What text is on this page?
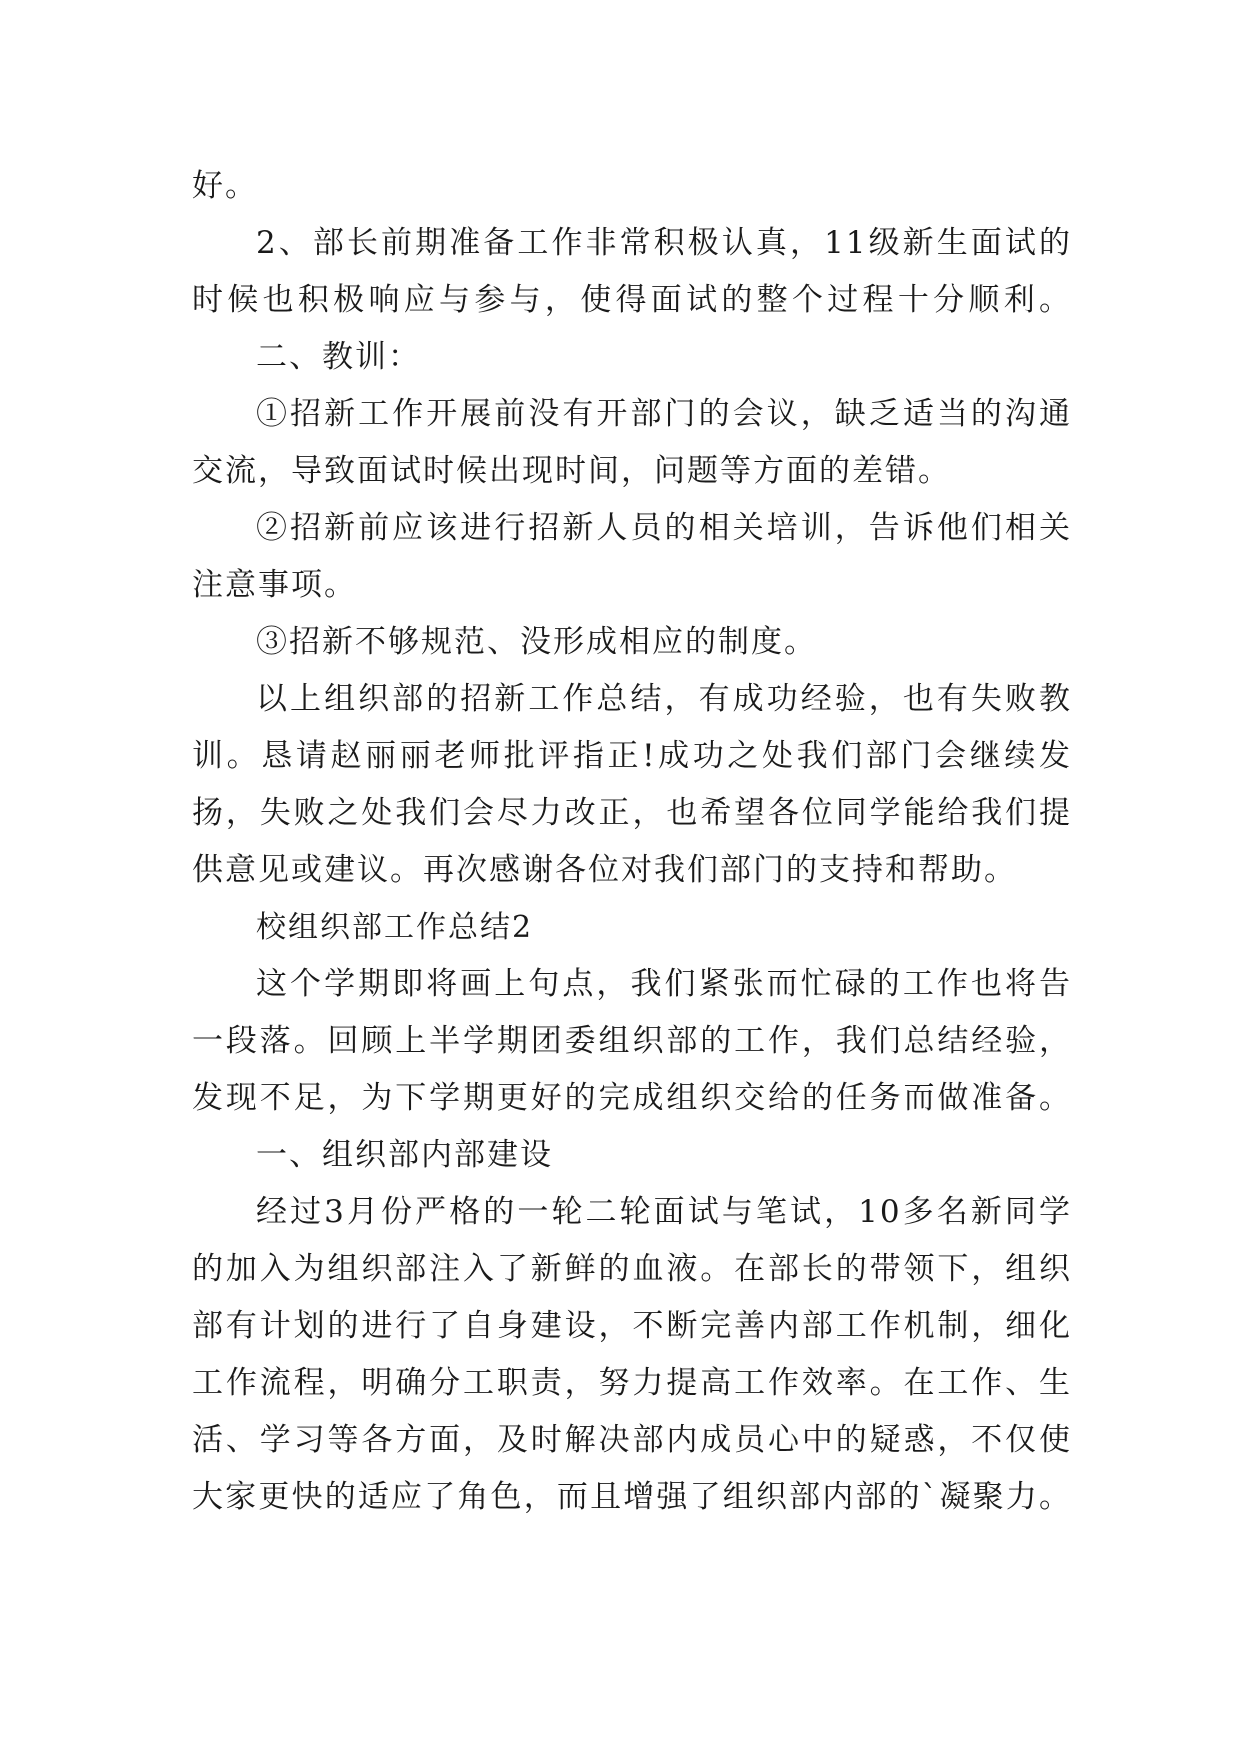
好。
2、部长前期准备工作非常积极认真，11级新生面试的
时候也积极响应与参与，使得面试的整个过程十分顺利。
二、教训：
①招新工作开展前没有开部门的会议，缺乏适当的沟通
交流，导致面试时候出现时间，问题等方面的差错。
②招新前应该进行招新人员的相关培训，告诉他们相关
注意事项。
③招新不够规范、没形成相应的制度。
以上组织部的招新工作总结，有成功经验，也有失败教
训。恳请赵丽丽老师批评指正!成功之处我们部门会继续发
扬，失败之处我们会尽力改正，也希望各位同学能给我们提
供意见或建议。再次感谢各位对我们部门的支持和帮助。
校组织部工作总结2
这个学期即将画上句点，我们紧张而忙碌的工作也将告
一段落。回顾上半学期团委组织部的工作，我们总结经验，
发现不足，为下学期更好的完成组织交给的任务而做准备。
一、组织部内部建设
经过3月份严格的一轮二轮面试与笔试，10多名新同学
的加入为组织部注入了新鲜的血液。在部长的带领下，组织
部有计划的进行了自身建设，不断完善内部工作机制，细化
工作流程，明确分工职责，努力提高工作效率。在工作、生
活、学习等各方面，及时解决部内成员心中的疑惑，不仅使
大家更快的适应了角色，而且增强了组织部内部的`凝聚力。
